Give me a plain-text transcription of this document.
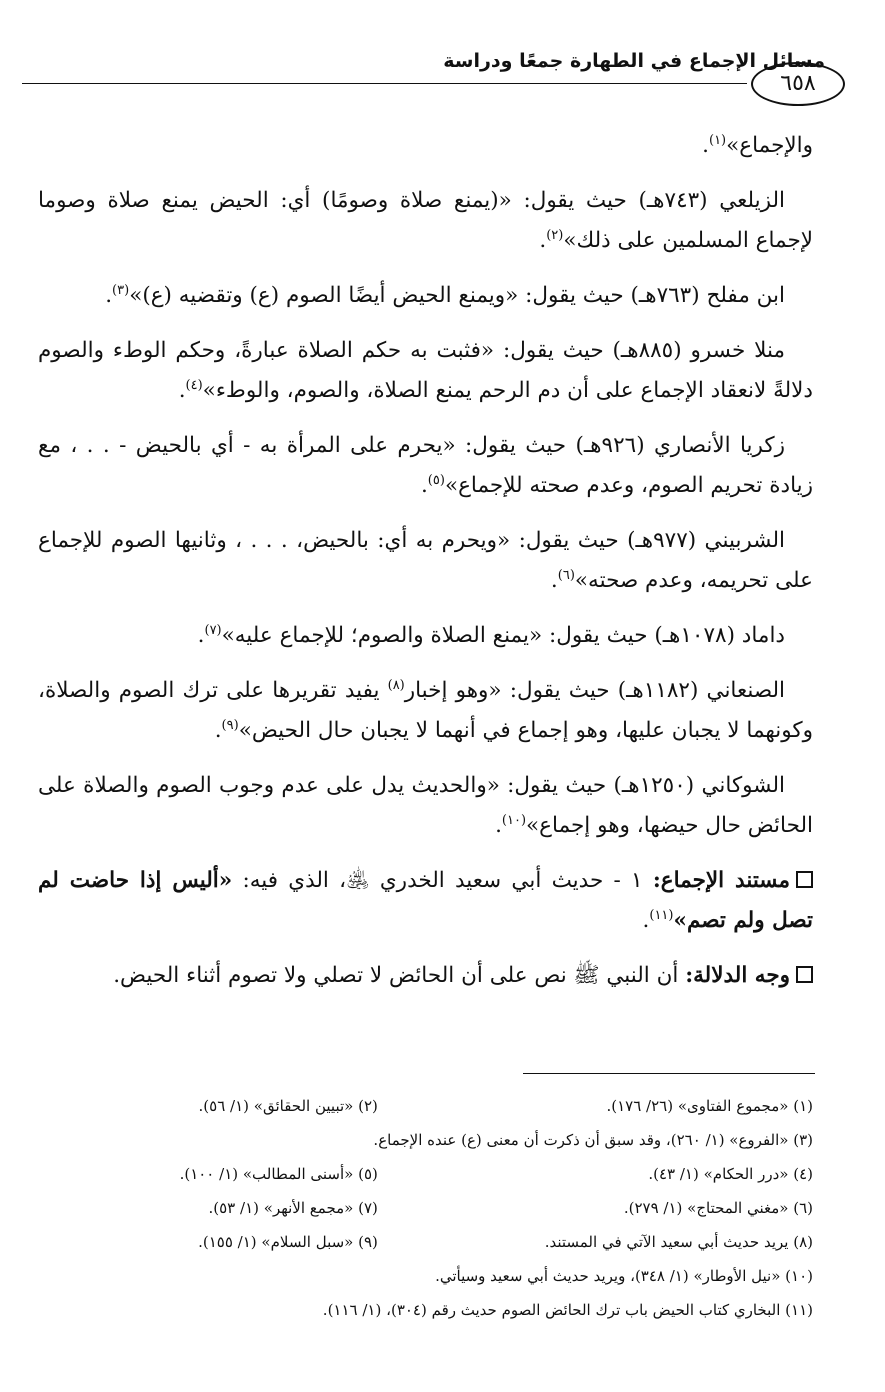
مسائل الإجماع في الطهارة جمعًا ودراسة
٦٥٨

والإجماع»$^{(١)}$.

الزيلعي (٧٤٣هـ) حيث يقول: «(يمنع صلاة وصومًا) أي: الحيض يمنع صلاة وصوما لإجماع المسلمين على ذلك»$^{(٢)}$.

ابن مفلح (٧٦٣هـ) حيث يقول: «ويمنع الحيض أيضًا الصوم (ع) وتقضيه (ع)»$^{(٣)}$.

منلا خسرو (٨٨٥هـ) حيث يقول: «فثبت به حكم الصلاة عبارةً، وحكم الوطء والصوم دلالةً لانعقاد الإجماع على أن دم الرحم يمنع الصلاة، والصوم، والوطء»$^{(٤)}$.

زكريا الأنصاري (٩٢٦هـ) حيث يقول: «يحرم على المرأة به - أي بالحيض - . . ، مع زيادة تحريم الصوم، وعدم صحته للإجماع»$^{(٥)}$.

الشربيني (٩٧٧هـ) حيث يقول: «ويحرم به أي: بالحيض، . . . ، وثانيها الصوم للإجماع على تحريمه، وعدم صحته»$^{(٦)}$.

داماد (١٠٧٨هـ) حيث يقول: «يمنع الصلاة والصوم؛ للإجماع عليه»$^{(٧)}$.

الصنعاني (١١٨٢هـ) حيث يقول: «وهو إخبار$^{(٨)}$ يفيد تقريرها على ترك الصوم والصلاة، وكونهما لا يجبان عليها، وهو إجماع في أنهما لا يجبان حال الحيض»$^{(٩)}$.

الشوكاني (١٢٥٠هـ) حيث يقول: «والحديث يدل على عدم وجوب الصوم والصلاة على الحائض حال حيضها، وهو إجماع»$^{(١٠)}$.

مستند الإجماع: ١ - حديث أبي سعيد الخدري ﵁، الذي فيه: «أليس إذا حاضت لم تصل ولم تصم»$^{(١١)}$.

وجه الدلالة: أن النبي ﷺ نص على أن الحائض لا تصلي ولا تصوم أثناء الحيض.

(١) «مجموع الفتاوى» (٢٦/ ١٧٦).
(٢) «تبيين الحقائق» (١/ ٥٦).
(٣) «الفروع» (١/ ٢٦٠)، وقد سبق أن ذكرت أن معنى (ع) عنده الإجماع.
(٤) «درر الحكام» (١/ ٤٣).
(٥) «أسنى المطالب» (١/ ١٠٠).
(٦) «مغني المحتاج» (١/ ٢٧٩).
(٧) «مجمع الأنهر» (١/ ٥٣).
(٨) يريد حديث أبي سعيد الآتي في المستند.
(٩) «سبل السلام» (١/ ١٥٥).
(١٠) «نيل الأوطار» (١/ ٣٤٨)، ويريد حديث أبي سعيد وسيأتي.
(١١) البخاري كتاب الحيض باب ترك الحائض الصوم حديث رقم (٣٠٤)، (١/ ١١٦).
